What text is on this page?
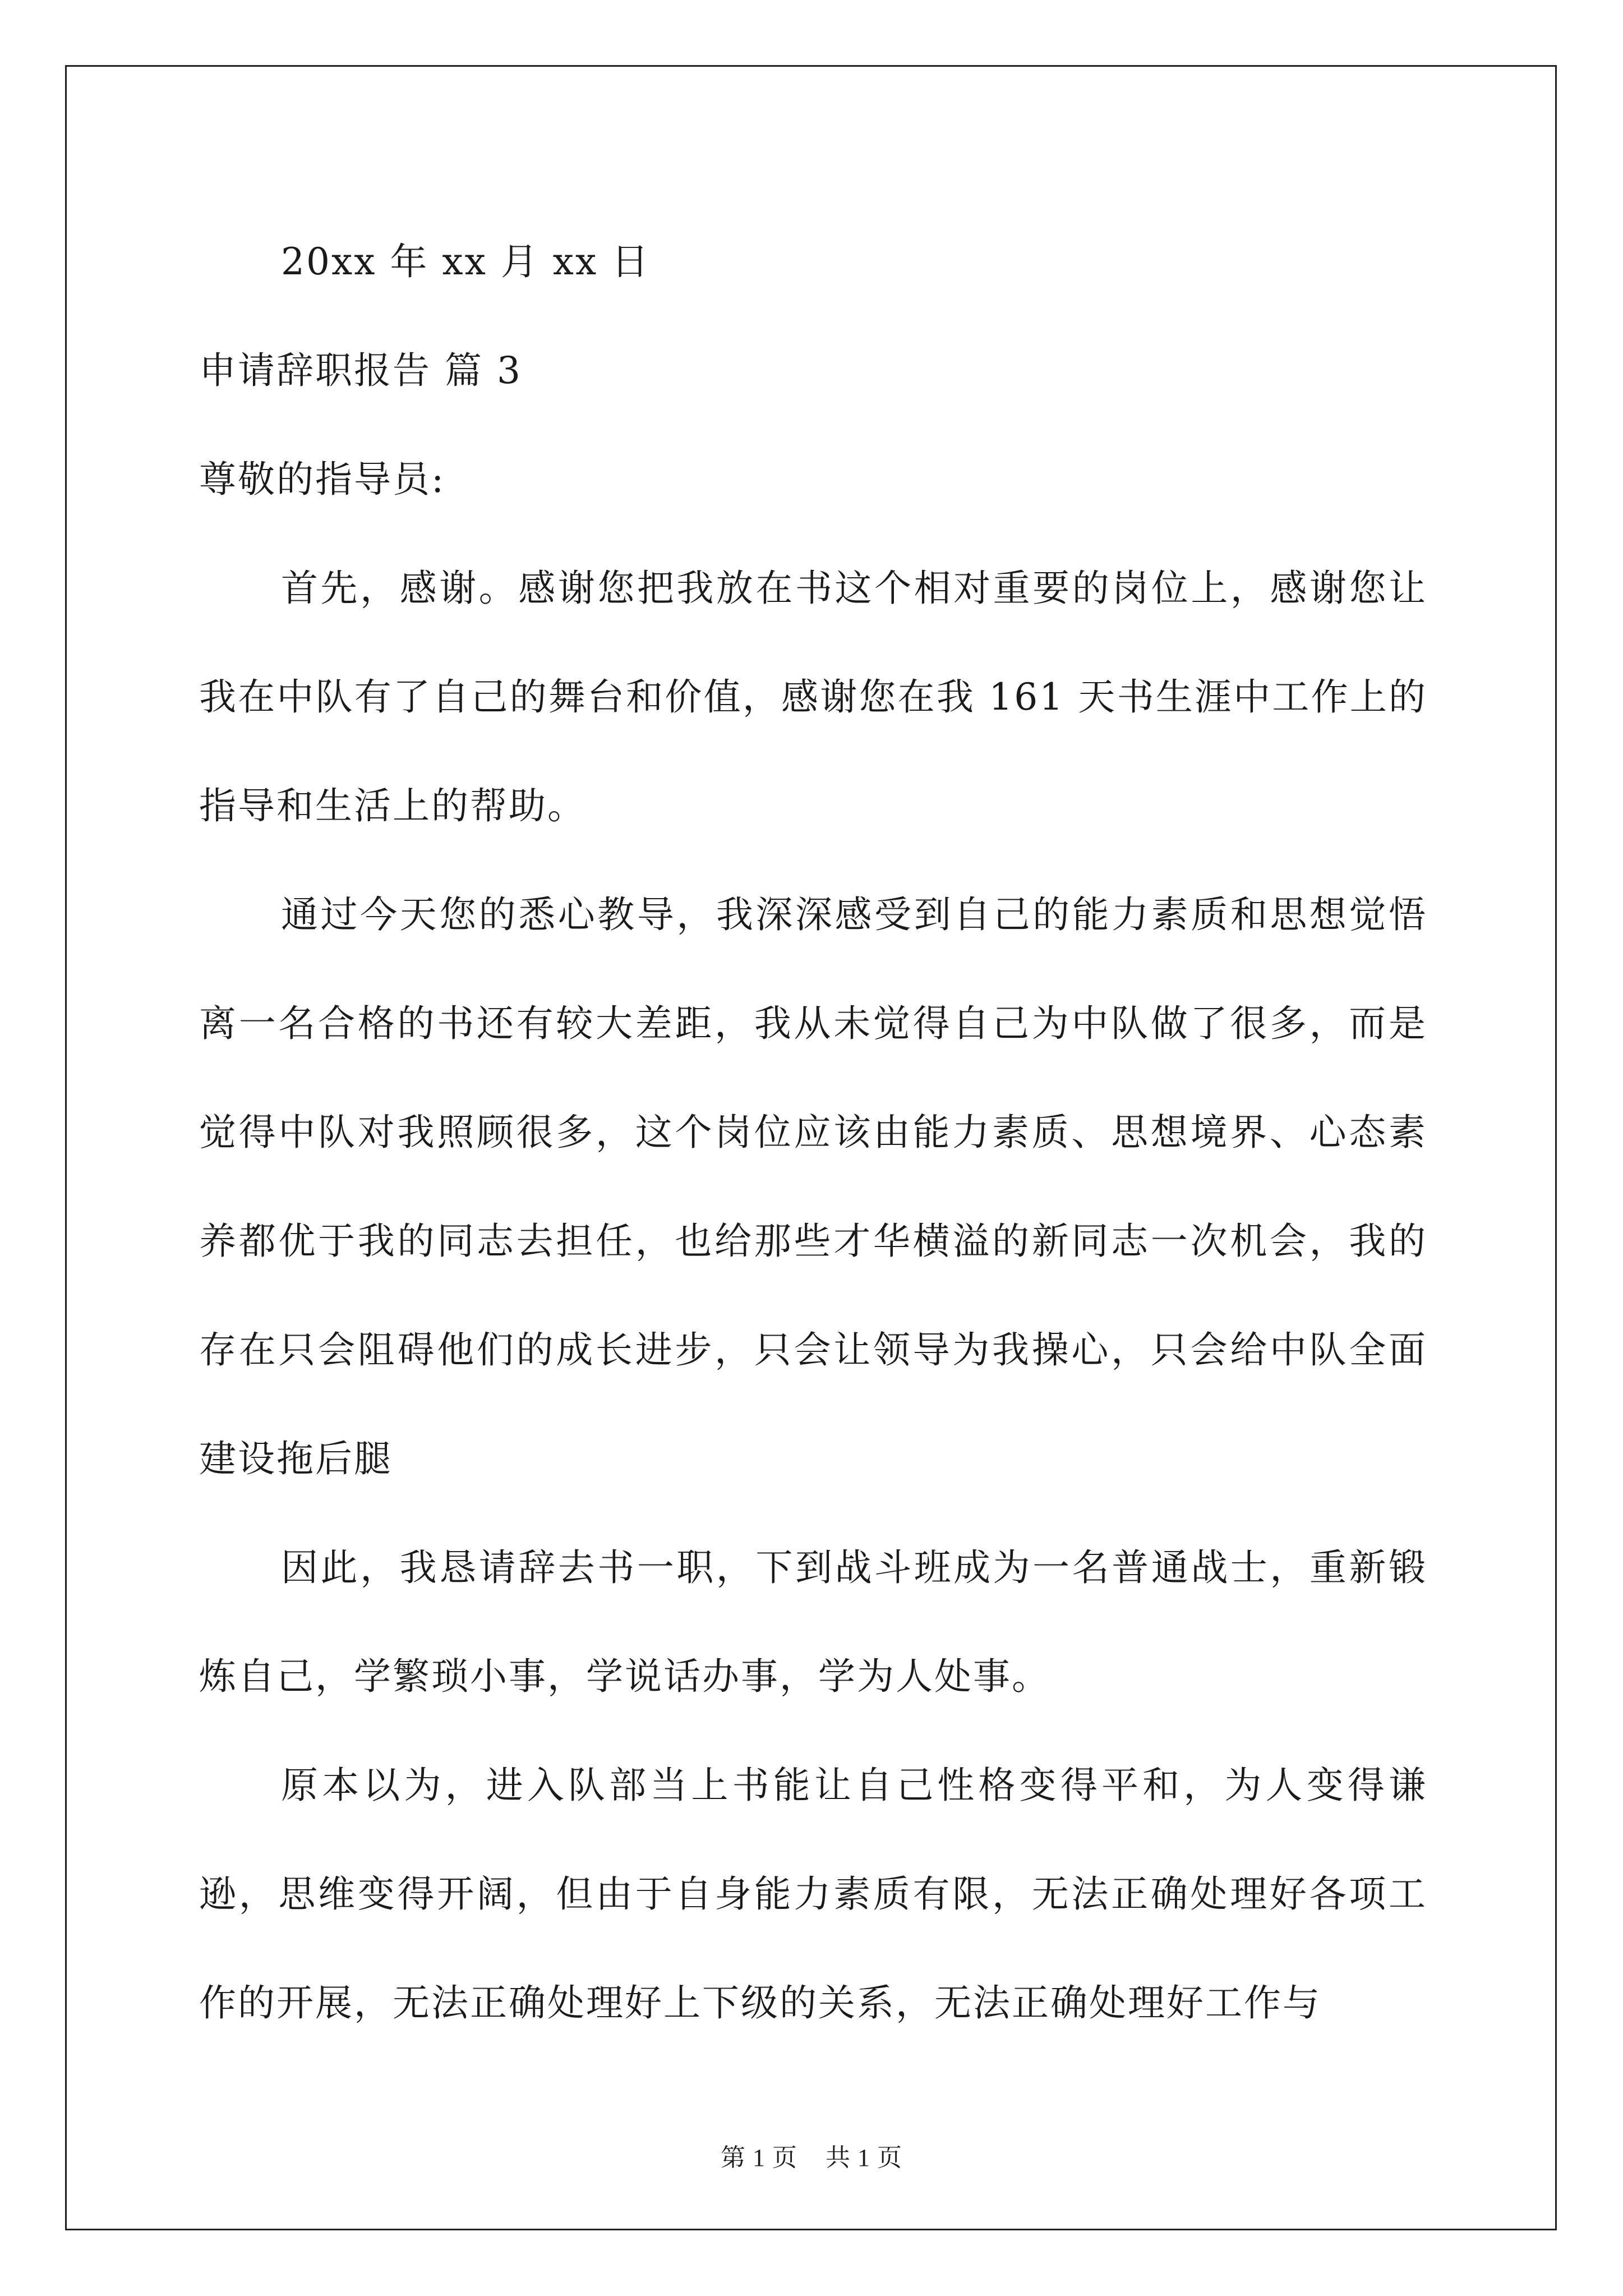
20xx 年 xx 月 xx 日
申请辞职报告 篇 3
尊敬的指导员:

首先，感谢。感谢您把我放在书这个相对重要的岗位上，感谢您让我在中队有了自己的舞台和价值，感谢您在我 161 天书生涯中工作上的指导和生活上的帮助。

通过今天您的悉心教导，我深深感受到自己的能力素质和思想觉悟离一名合格的书还有较大差距，我从未觉得自己为中队做了很多，而是觉得中队对我照顾很多，这个岗位应该由能力素质、思想境界、心态素养都优于我的同志去担任，也给那些才华横溢的新同志一次机会，我的存在只会阻碍他们的成长进步，只会让领导为我操心，只会给中队全面建设拖后腿

因此，我恳请辞去书一职，下到战斗班成为一名普通战士，重新锻炼自己，学繁琐小事，学说话办事，学为人处事。

原本以为，进入队部当上书能让自己性格变得平和，为人变得谦逊，思维变得开阔，但由于自身能力素质有限，无法正确处理好各项工作的开展，无法正确处理好上下级的关系，无法正确处理好工作与

第 1 页 共 1 页
